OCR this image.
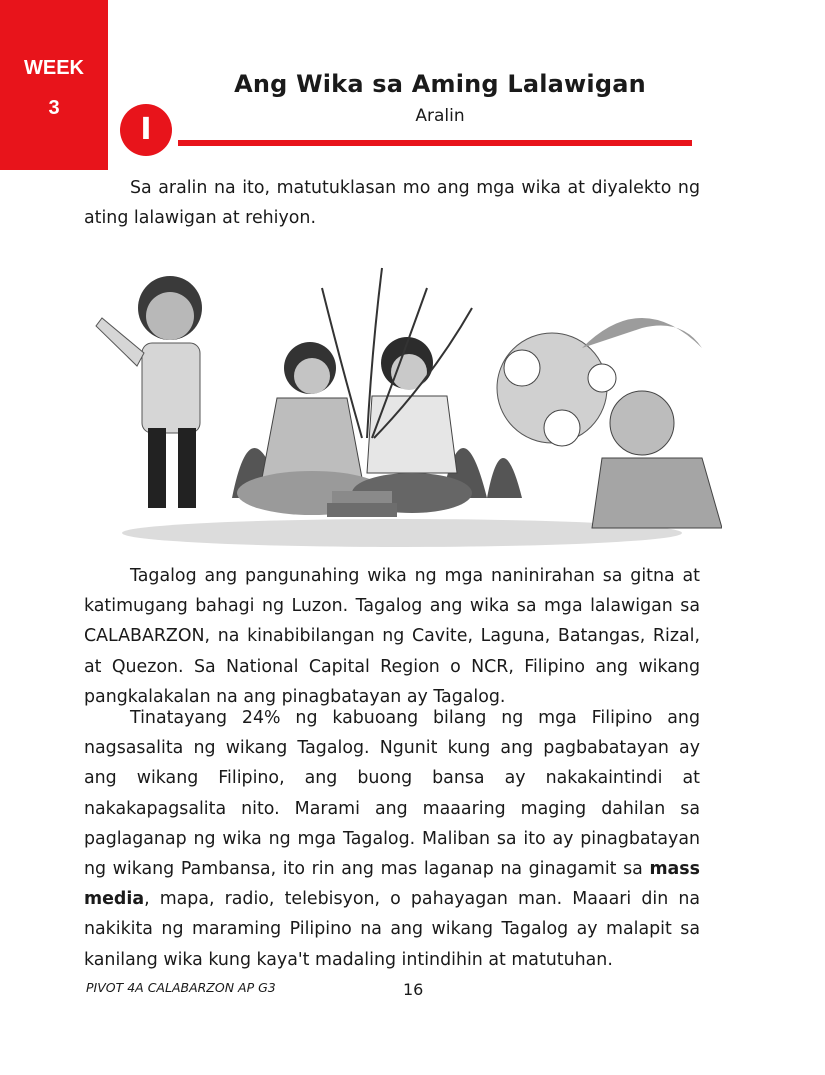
WEEK
3
Ang Wika sa Aming Lalawigan
Aralin
I

Sa aralin na ito, matutuklasan mo ang mga wika at diyalekto ng ating lalawigan at rehiyon.

Tagalog ang pangunahing wika ng mga naninirahan sa gitna at katimugang bahagi ng Luzon. Tagalog ang wika sa mga lalawigan sa CALABARZON, na kinabibilangan ng Cavite, Laguna, Batangas, Rizal, at Quezon. Sa National Capital Region o NCR, Filipino ang wikang pangkalakalan na ang pinagbatayan ay Tagalog.

Tinatayang 24% ng kabuoang bilang ng mga Filipino ang nagsasalita ng wikang Tagalog. Ngunit kung ang pagbabatayan ay ang wikang Filipino, ang buong bansa ay nakakaintindi at nakakapagsalita nito. Marami ang maaaring maging dahilan sa paglaganap ng wika ng mga Tagalog. Maliban sa ito ay pinagbatayan ng wikang Pambansa, ito rin ang mas laganap na ginagamit sa mass media, mapa, radio, telebisyon, o pahayagan man. Maaari din na nakikita ng maraming Pilipino na ang wikang Tagalog ay malapit sa kanilang wika kung kaya't madaling intindihin at matutuhan.

PIVOT 4A CALABARZON AP G3	16
